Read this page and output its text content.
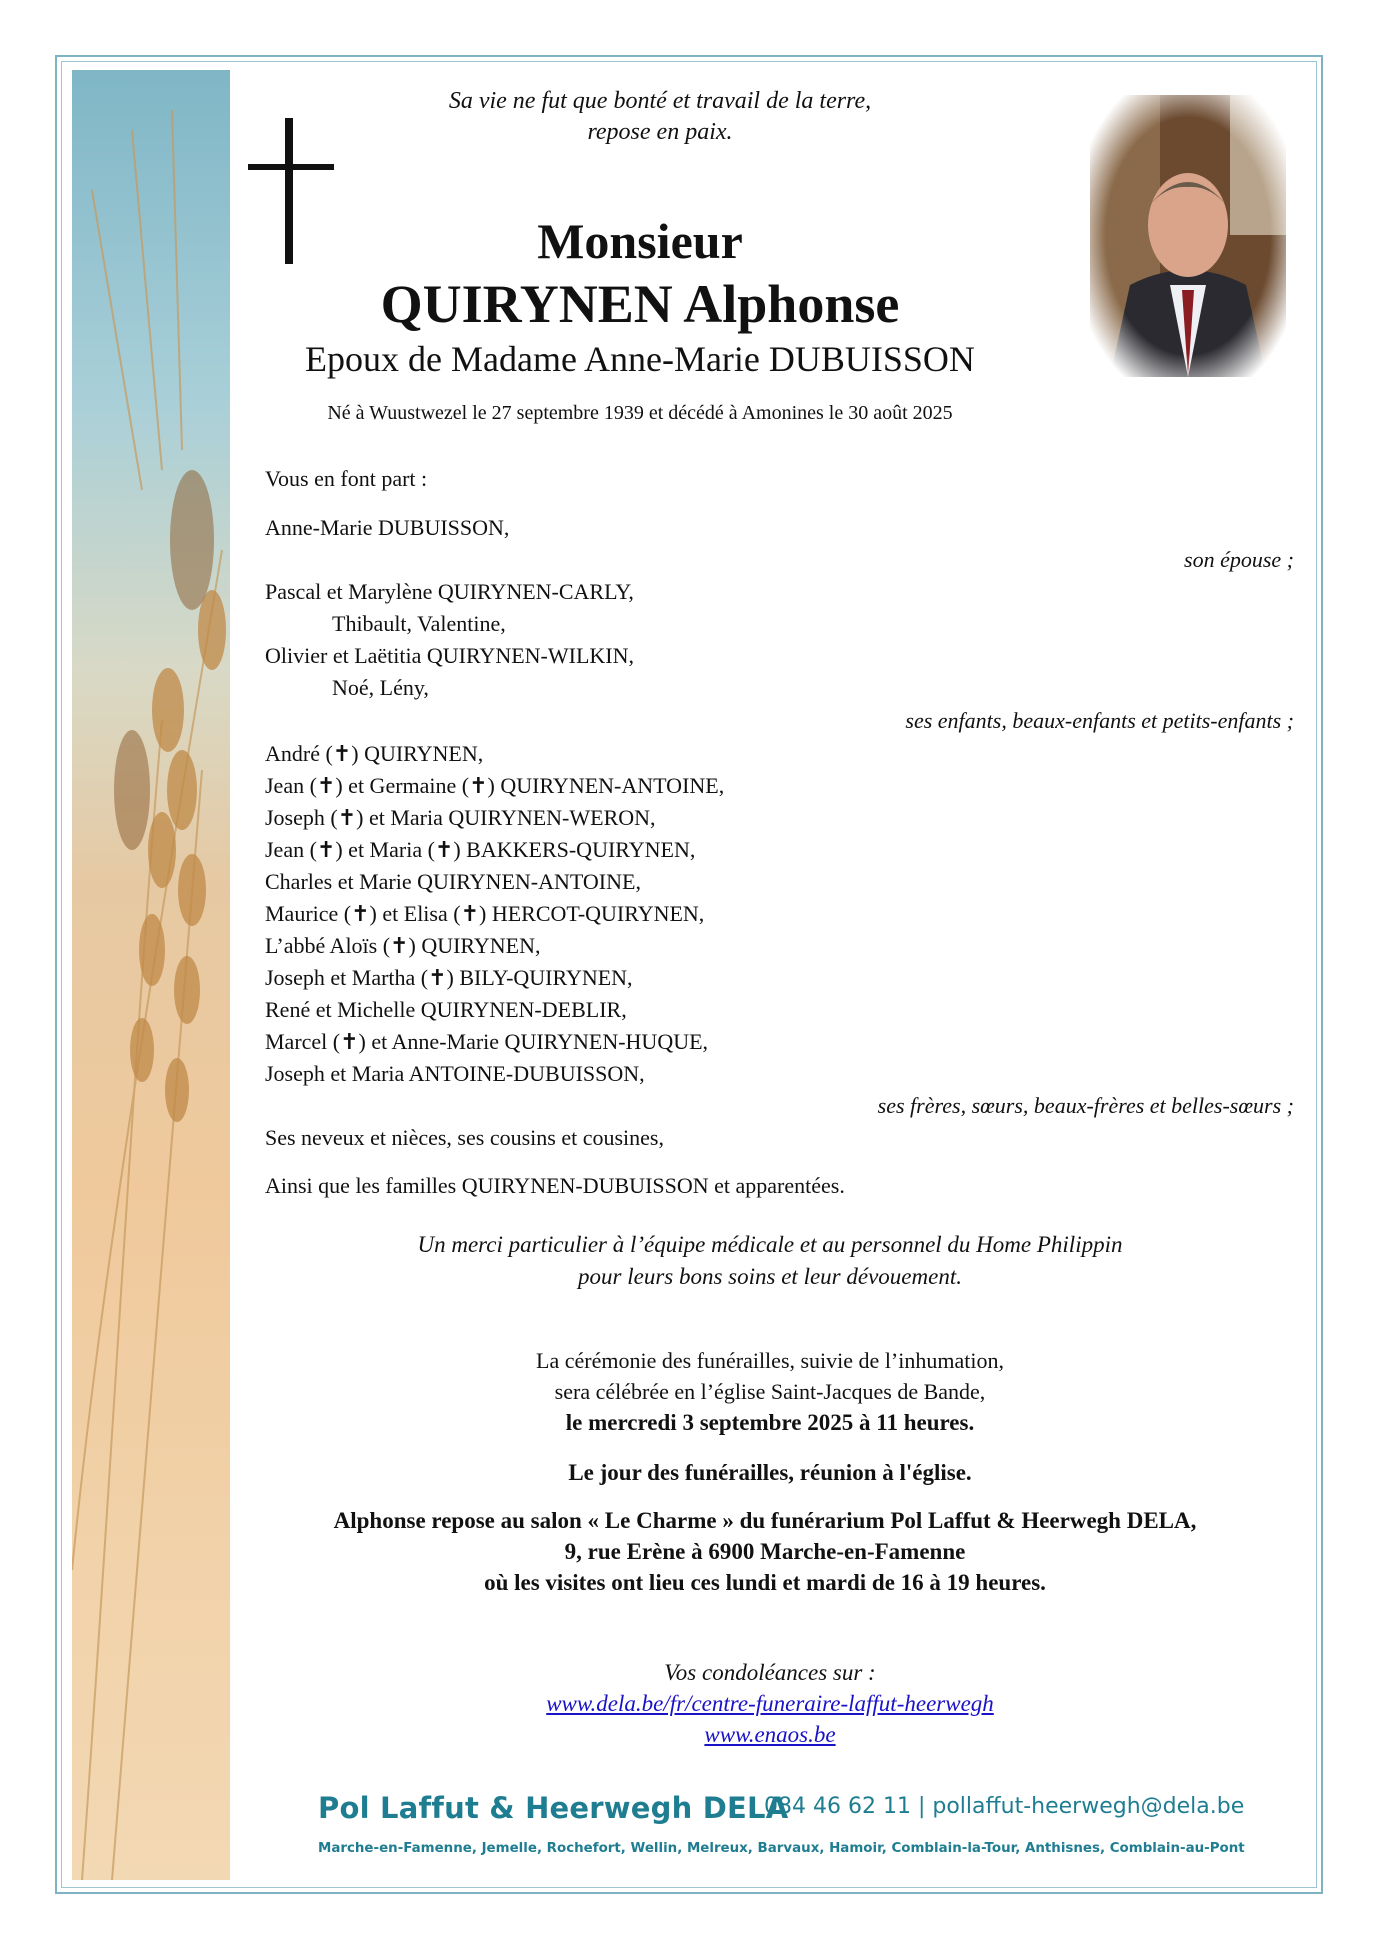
Sa vie ne fut que bonté et travail de la terre,
repose en paix.
Monsieur
QUIRYNEN Alphonse
Epoux de Madame Anne-Marie DUBUISSON
Né à Wuustwezel le 27 septembre 1939 et décédé à Amonines le 30 août 2025
Vous en font part :
Anne-Marie DUBUISSON,
son épouse ;
Pascal et Marylène QUIRYNEN-CARLY,
Thibault, Valentine,
Olivier et Laëtitia QUIRYNEN-WILKIN,
Noé, Lény,
ses enfants, beaux-enfants et petits-enfants ;
André (✝) QUIRYNEN,
Jean (✝) et Germaine (✝) QUIRYNEN-ANTOINE,
Joseph (✝) et Maria QUIRYNEN-WERON,
Jean (✝) et Maria (✝) BAKKERS-QUIRYNEN,
Charles et Marie QUIRYNEN-ANTOINE,
Maurice (✝) et Elisa (✝) HERCOT-QUIRYNEN,
L’abbé Aloïs (✝) QUIRYNEN,
Joseph et Martha (✝) BILY-QUIRYNEN,
René et Michelle QUIRYNEN-DEBLIR,
Marcel (✝) et Anne-Marie QUIRYNEN-HUQUE,
Joseph et Maria ANTOINE-DUBUISSON,
ses frères, sœurs, beaux-frères et belles-sœurs ;
Ses neveux et nièces, ses cousins et cousines,
Ainsi que les familles QUIRYNEN-DUBUISSON et apparentées.
Un merci particulier à l’équipe médicale et au personnel du Home Philippin
pour leurs bons soins et leur dévouement.
La cérémonie des funérailles, suivie de l’inhumation,
sera célébrée en l’église Saint-Jacques de Bande,
le mercredi 3 septembre 2025 à 11 heures.
Le jour des funérailles, réunion à l'église.
Alphonse repose au salon « Le Charme » du funérarium Pol Laffut & Heerwegh DELA,
9, rue Erène à 6900 Marche-en-Famenne
où les visites ont lieu ces lundi et mardi de 16 à 19 heures.
Vos condoléances sur :
www.dela.be/fr/centre-funeraire-laffut-heerwegh
www.enaos.be
Pol Laffut & Heerwegh DELA
084 46 62 11 | pollaffut-heerwegh@dela.be
Marche-en-Famenne, Jemelle, Rochefort, Wellin, Melreux, Barvaux, Hamoir, Comblain-la-Tour, Anthisnes, Comblain-au-Pont
